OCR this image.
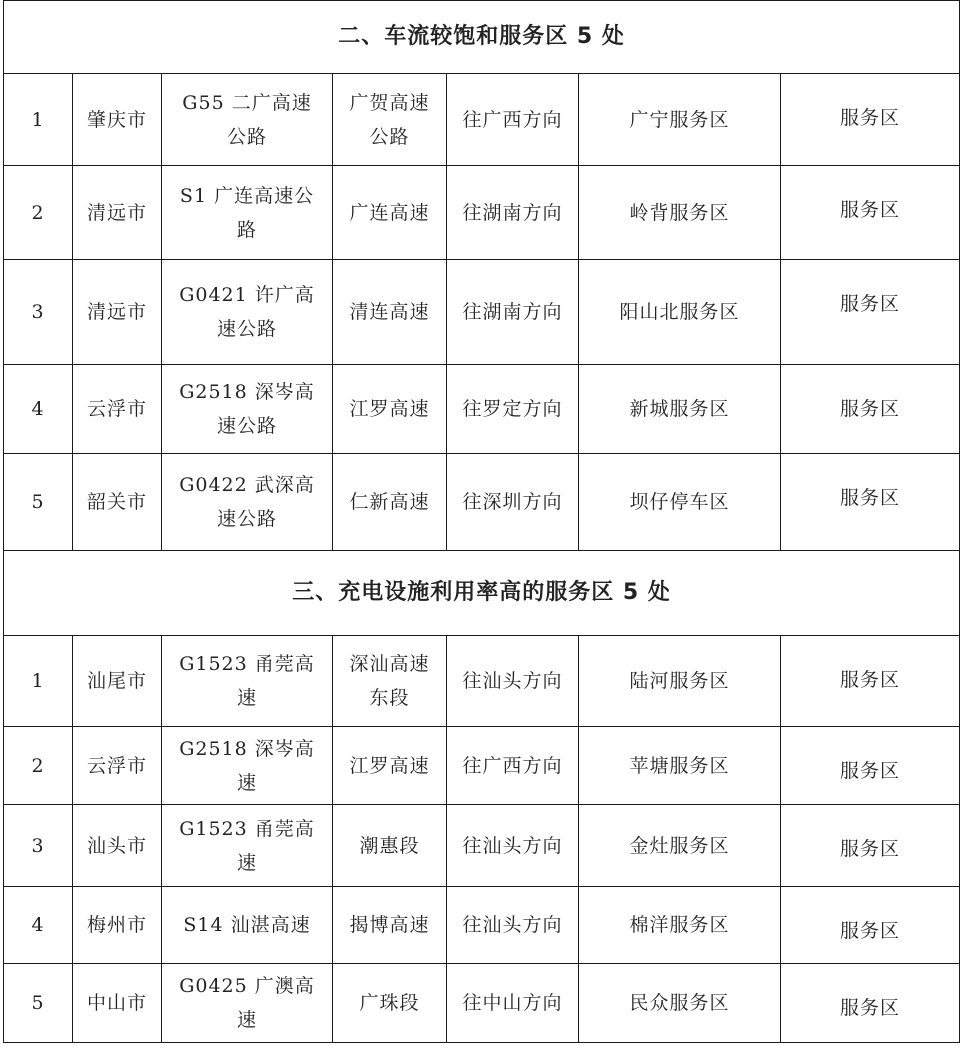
二、车流较饱和服务区 5 处						
1	肇庆市	G55 二广高速公路	广贺高速公路	往广西方向	广宁服务区	服务区
2	清远市	S1 广连高速公路	广连高速	往湖南方向	岭背服务区	服务区
3	清远市	G0421 许广高速公路	清连高速	往湖南方向	阳山北服务区	服务区
4	云浮市	G2518 深岑高速公路	江罗高速	往罗定方向	新城服务区	服务区
5	韶关市	G0422 武深高速公路	仁新高速	往深圳方向	坝仔停车区	服务区
三、充电设施利用率高的服务区 5 处						
1	汕尾市	G1523 甬莞高速	深汕高速东段	往汕头方向	陆河服务区	服务区
2	云浮市	G2518 深岑高速	江罗高速	往广西方向	苹塘服务区	服务区
3	汕头市	G1523 甬莞高速	潮惠段	往汕头方向	金灶服务区	服务区
4	梅州市	S14 汕湛高速	揭博高速	往汕头方向	棉洋服务区	服务区
5	中山市	G0425 广澳高速	广珠段	往中山方向	民众服务区	服务区
